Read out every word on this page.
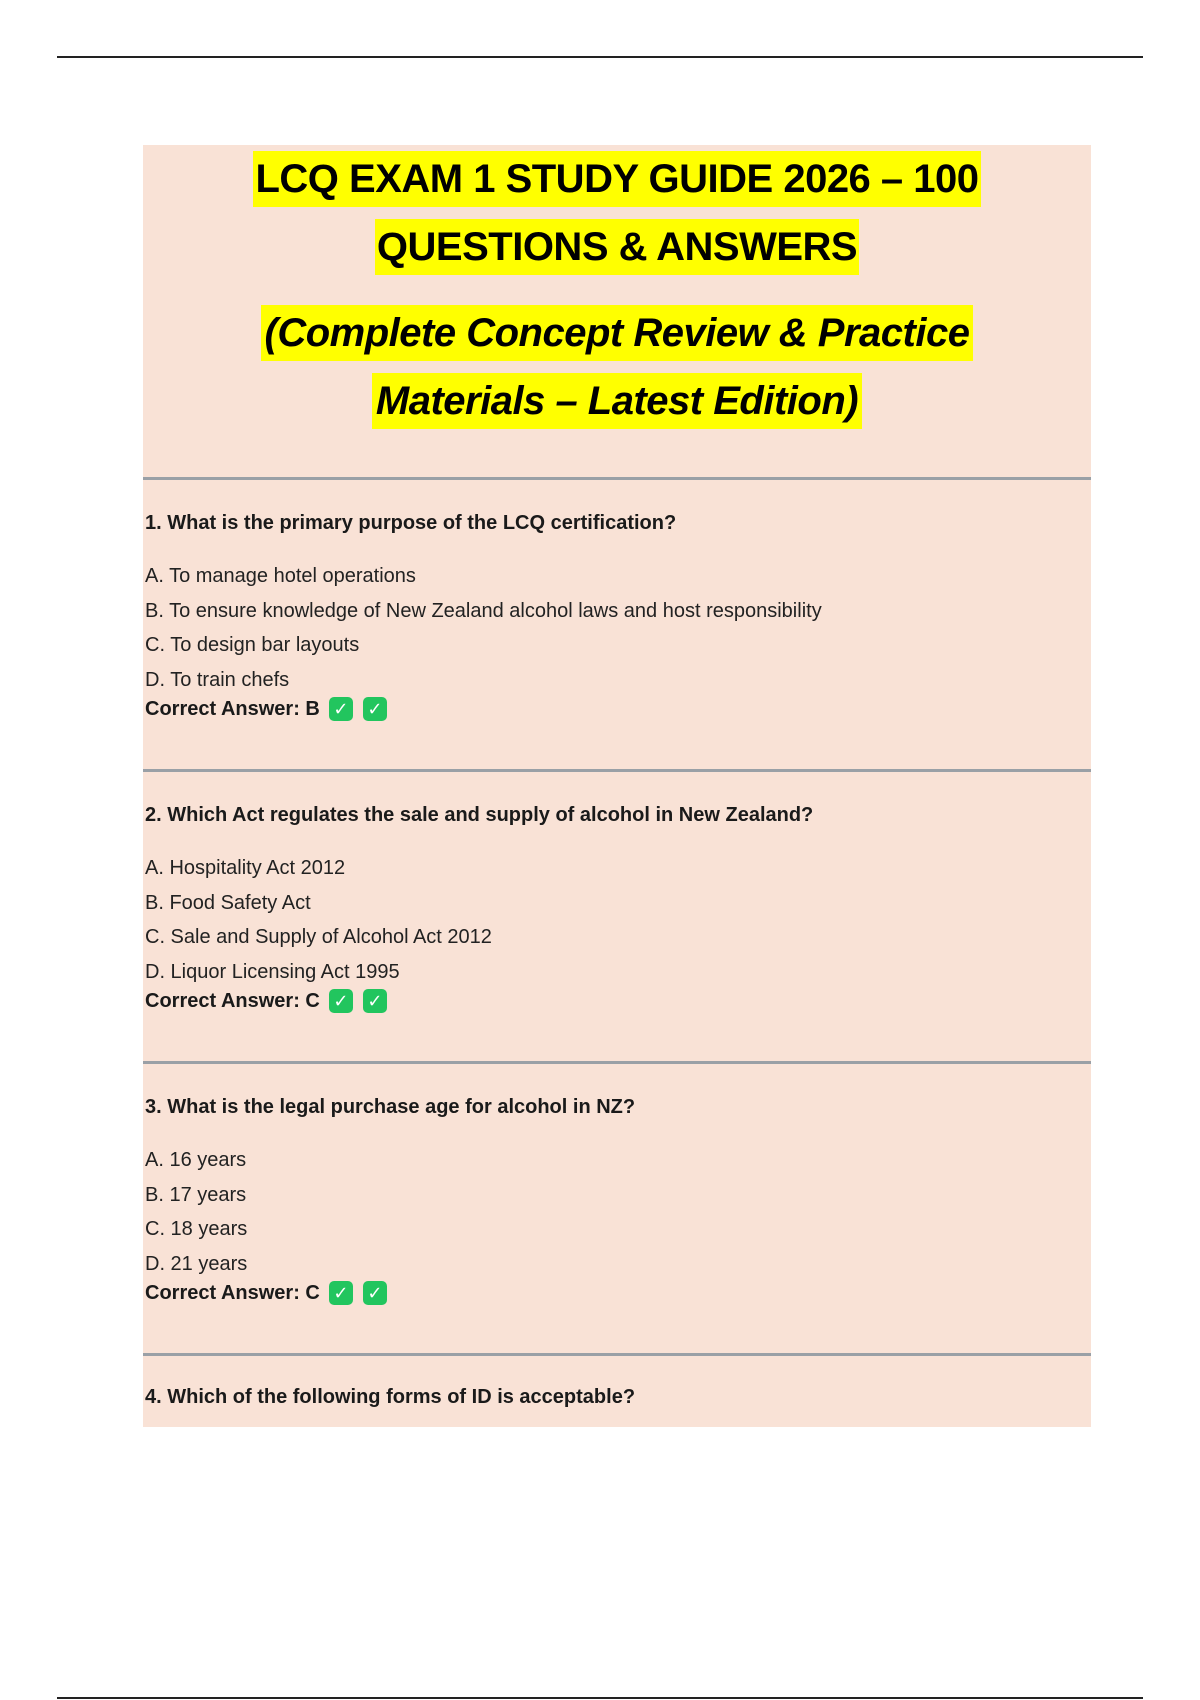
LCQ EXAM 1 STUDY GUIDE 2026 – 100
QUESTIONS & ANSWERS
(Complete Concept Review & Practice
Materials – Latest Edition)
1. What is the primary purpose of the LCQ certification?
A. To manage hotel operations
B. To ensure knowledge of New Zealand alcohol laws and host responsibility
C. To design bar layouts
D. To train chefs
Correct Answer: B ✓ ✓
2. Which Act regulates the sale and supply of alcohol in New Zealand?
A. Hospitality Act 2012
B. Food Safety Act
C. Sale and Supply of Alcohol Act 2012
D. Liquor Licensing Act 1995
Correct Answer: C ✓ ✓
3. What is the legal purchase age for alcohol in NZ?
A. 16 years
B. 17 years
C. 18 years
D. 21 years
Correct Answer: C ✓ ✓
4. Which of the following forms of ID is acceptable?
